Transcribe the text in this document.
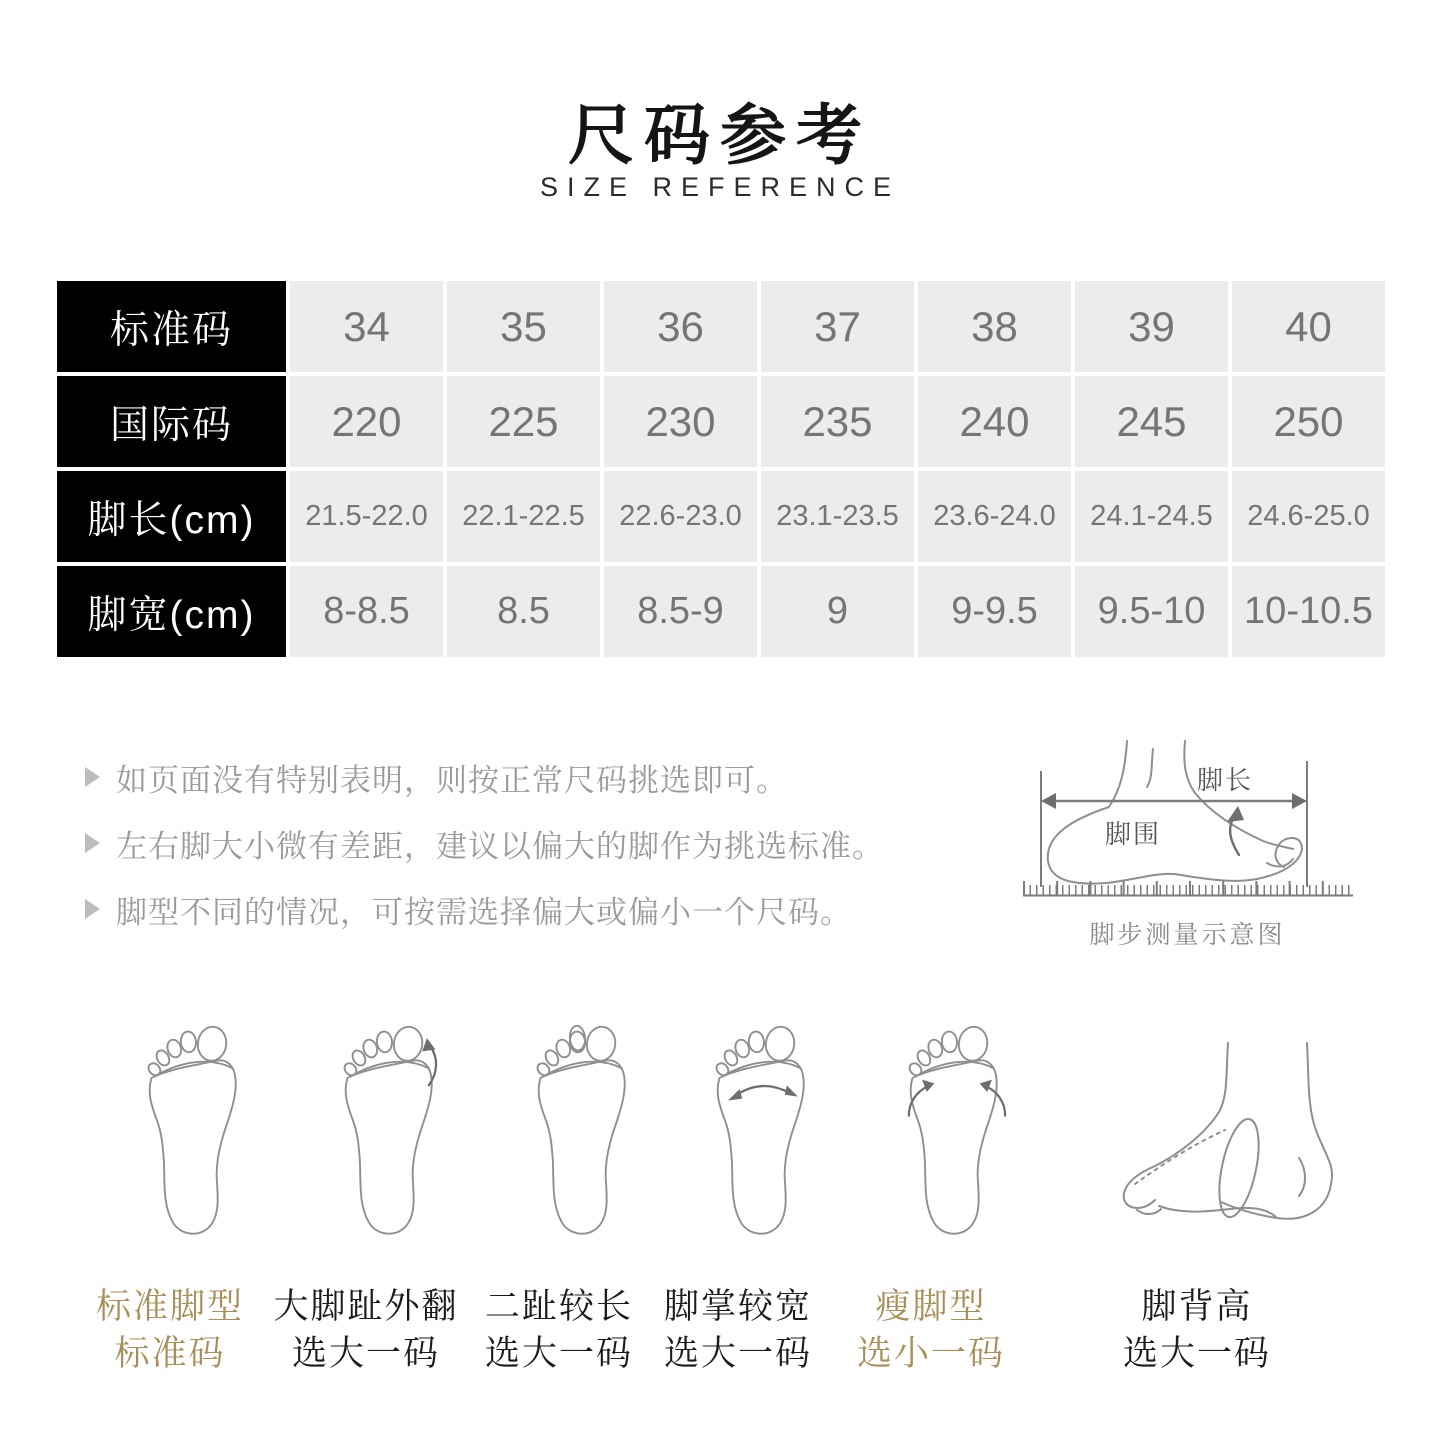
尺码参考
SIZE REFERENCE
标准码	34	35	36	37	38	39	40
国际码	220	225	230	235	240	245	250
脚长(cm)	21.5-22.0	22.1-22.5	22.6-23.0	23.1-23.5	23.6-24.0	24.1-24.5	24.6-25.0
脚宽(cm)	8-8.5	8.5	8.5-9	9	9-9.5	9.5-10	10-10.5
如页面没有特别表明，则按正常尺码挑选即可。
左右脚大小微有差距，建议以偏大的脚作为挑选标准。
脚型不同的情况，可按需选择偏大或偏小一个尺码。
脚长
脚围
脚步测量示意图
标准脚型
标准码
大脚趾外翻
选大一码
二趾较长
选大一码
脚掌较宽
选大一码
瘦脚型
选小一码
脚背高
选大一码
